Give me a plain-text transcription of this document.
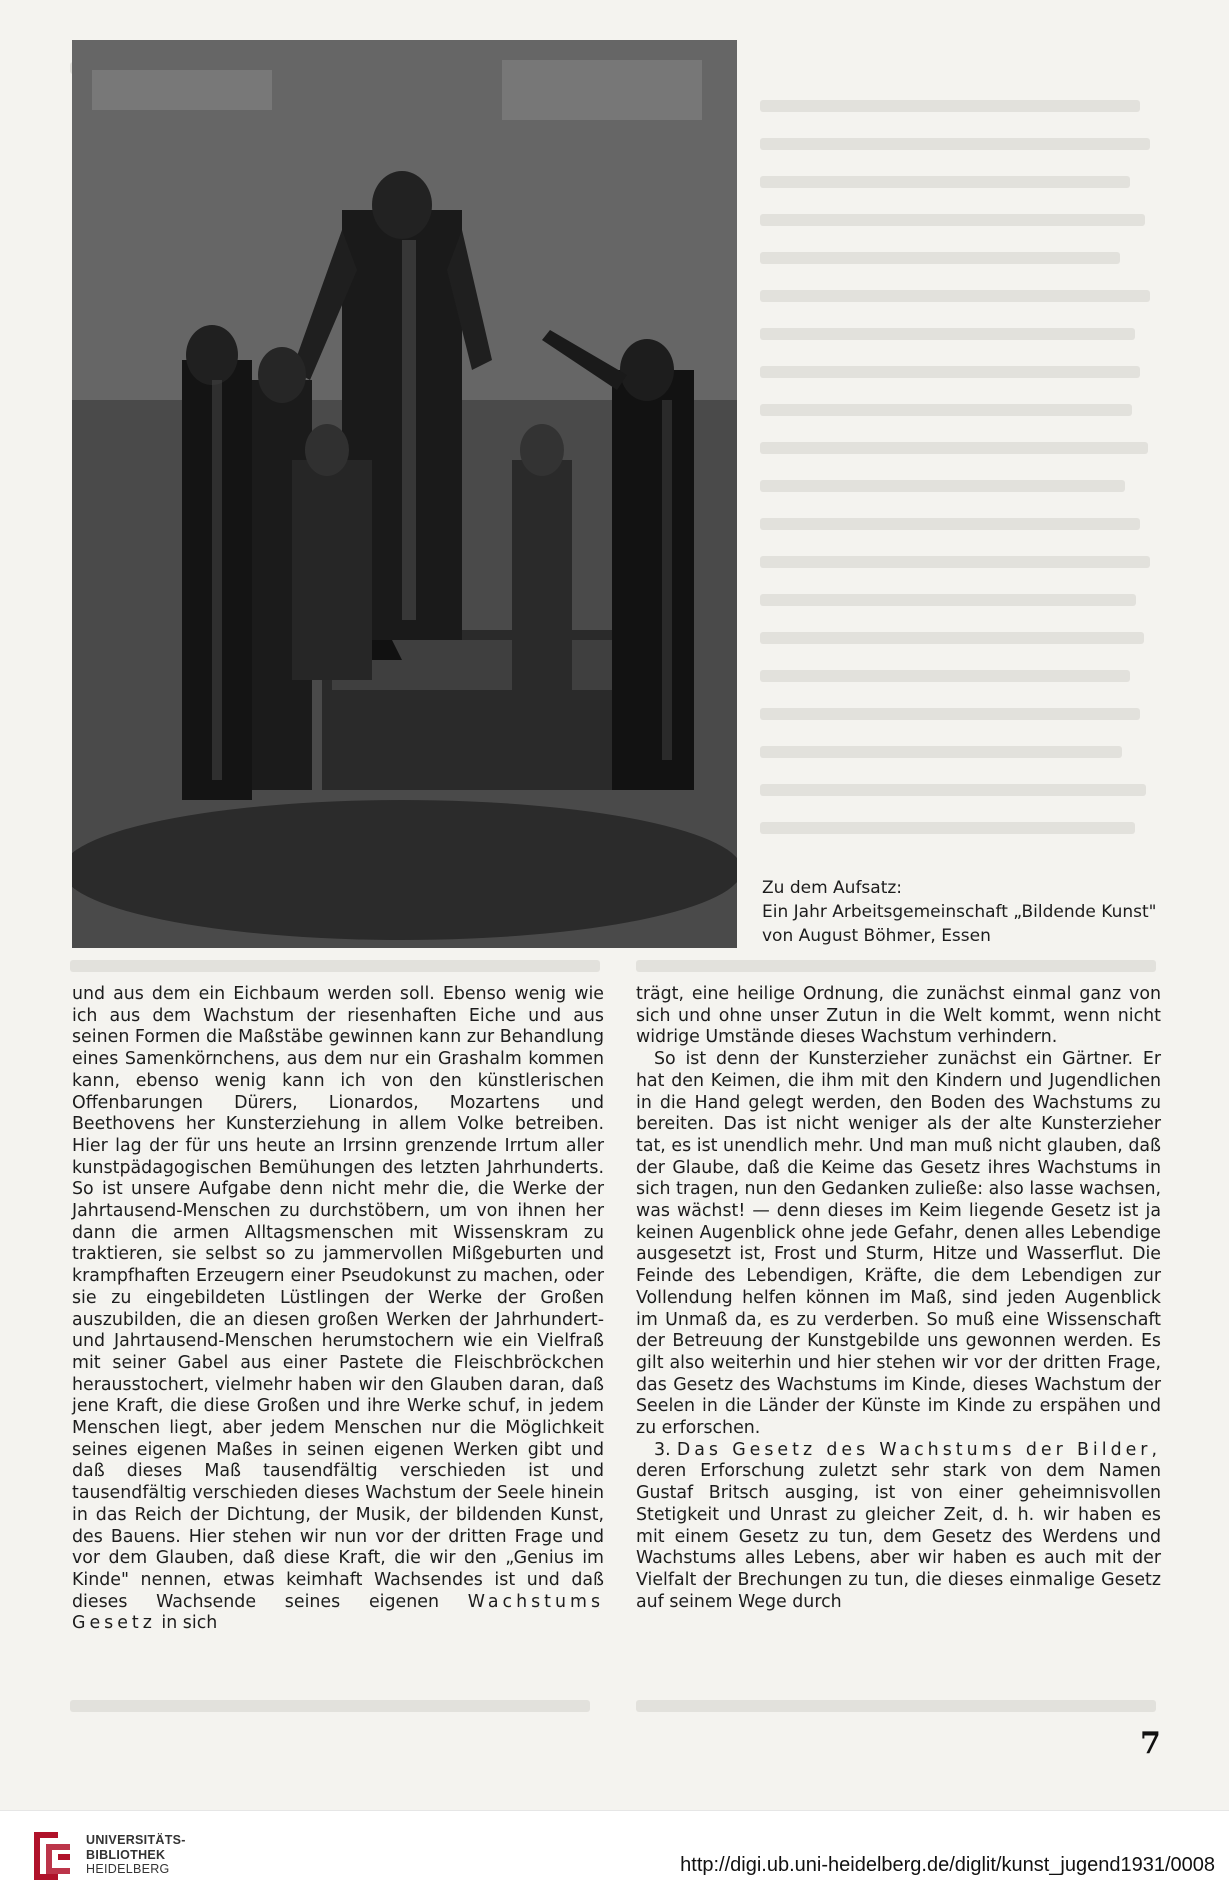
Zu dem Aufsatz:
Ein Jahr Arbeitsgemeinschaft „Bildende Kunst"
von August Böhmer, Essen

und aus dem ein Eichbaum werden soll. Ebenso wenig wie ich aus dem Wachstum der riesenhaften Eiche und aus seinen Formen die Maßstäbe gewinnen kann zur Behandlung eines Samenkörnchens, aus dem nur ein Grashalm kommen kann, ebenso wenig kann ich von den künstlerischen Offenbarungen Dürers, Lionardos, Mozartens und Beethovens her Kunsterziehung in allem Volke betreiben. Hier lag der für uns heute an Irrsinn grenzende Irrtum aller kunstpädagogischen Bemühungen des letzten Jahrhunderts. So ist unsere Aufgabe denn nicht mehr die, die Werke der Jahrtausend-Menschen zu durchstöbern, um von ihnen her dann die armen Alltagsmenschen mit Wissenskram zu traktieren, sie selbst so zu jammervollen Mißgeburten und krampfhaften Erzeugern einer Pseudokunst zu machen, oder sie zu eingebildeten Lüstlingen der Werke der Großen auszubilden, die an diesen großen Werken der Jahrhundert- und Jahrtausend-Menschen herumstochern wie ein Vielfraß mit seiner Gabel aus einer Pastete die Fleischbröckchen herausstochert, vielmehr haben wir den Glauben daran, daß jene Kraft, die diese Großen und ihre Werke schuf, in jedem Menschen liegt, aber jedem Menschen nur die Möglichkeit seines eigenen Maßes in seinen eigenen Werken gibt und daß dieses Maß tausendfältig verschieden ist und tausendfältig verschieden dieses Wachstum der Seele hinein in das Reich der Dichtung, der Musik, der bildenden Kunst, des Bauens. Hier stehen wir nun vor der dritten Frage und vor dem Glauben, daß diese Kraft, die wir den „Genius im Kinde" nennen, etwas keimhaft Wachsendes ist und daß dieses Wachsende seines eigenen Wachstums Gesetz in sich

trägt, eine heilige Ordnung, die zunächst einmal ganz von sich und ohne unser Zutun in die Welt kommt, wenn nicht widrige Umstände dieses Wachstum verhindern.

So ist denn der Kunsterzieher zunächst ein Gärtner. Er hat den Keimen, die ihm mit den Kindern und Jugendlichen in die Hand gelegt werden, den Boden des Wachstums zu bereiten. Das ist nicht weniger als der alte Kunsterzieher tat, es ist unendlich mehr. Und man muß nicht glauben, daß der Glaube, daß die Keime das Gesetz ihres Wachstums in sich tragen, nun den Gedanken zuließe: also lasse wachsen, was wächst! — denn dieses im Keim liegende Gesetz ist ja keinen Augenblick ohne jede Gefahr, denen alles Lebendige ausgesetzt ist, Frost und Sturm, Hitze und Wasserflut. Die Feinde des Lebendigen, Kräfte, die dem Lebendigen zur Vollendung helfen können im Maß, sind jeden Augenblick im Unmaß da, es zu verderben. So muß eine Wissenschaft der Betreuung der Kunstgebilde uns gewonnen werden. Es gilt also weiterhin und hier stehen wir vor der dritten Frage, das Gesetz des Wachstums im Kinde, dieses Wachstum der Seelen in die Länder der Künste im Kinde zu erspähen und zu erforschen.

3. Das Gesetz des Wachstums der Bilder, deren Erforschung zuletzt sehr stark von dem Namen Gustaf Britsch ausging, ist von einer geheimnisvollen Stetigkeit und Unrast zu gleicher Zeit, d. h. wir haben es mit einem Gesetz zu tun, dem Gesetz des Werdens und Wachstums alles Lebens, aber wir haben es auch mit der Vielfalt der Brechungen zu tun, die dieses einmalige Gesetz auf seinem Wege durch

7
UNIVERSITÄTS-
BIBLIOTHEK
HEIDELBERG	http://digi.ub.uni-heidelberg.de/diglit/kunst_jugend1931/0008
